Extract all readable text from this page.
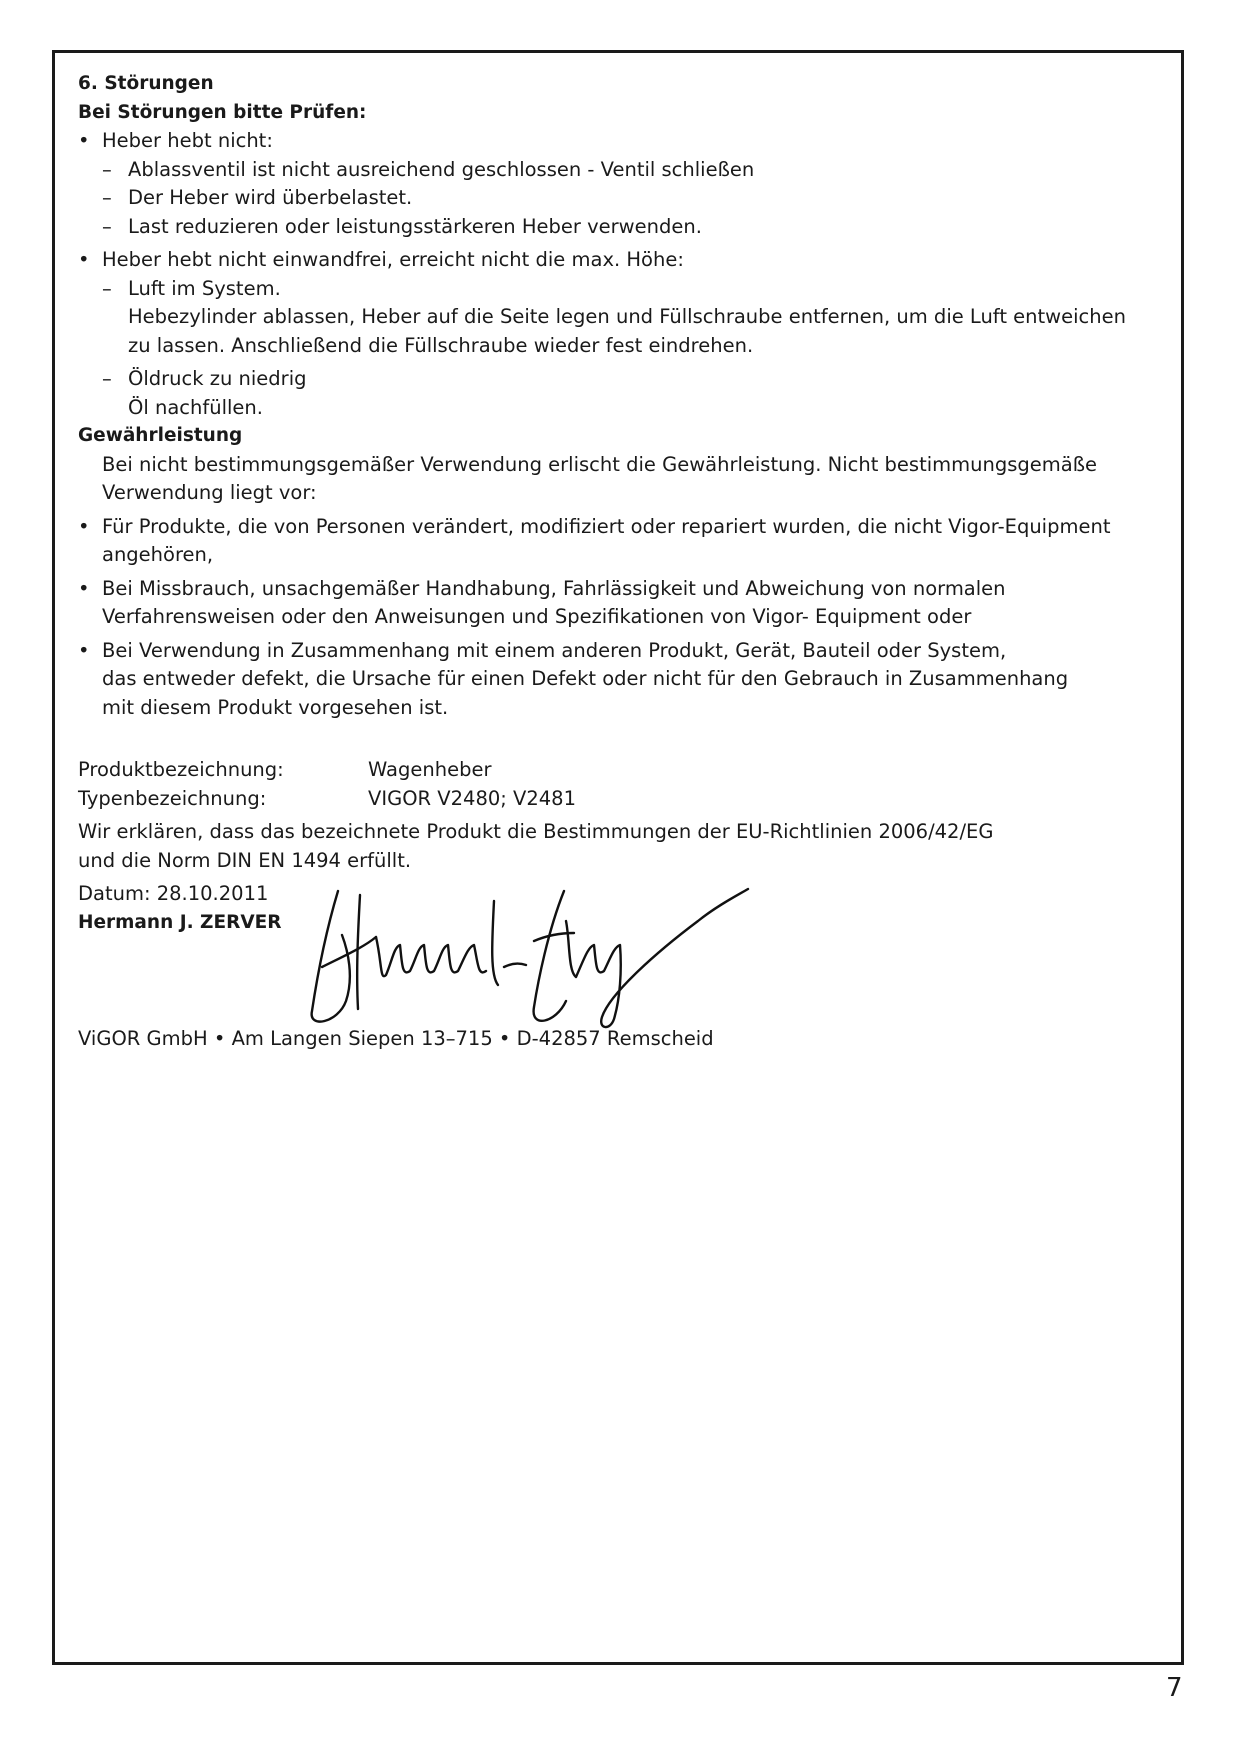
6. Störungen
Bei Störungen bitte Prüfen:
• Heber hebt nicht:
– Ablassventil ist nicht ausreichend geschlossen - Ventil schließen
– Der Heber wird überbelastet.
– Last reduzieren oder leistungsstärkeren Heber verwenden.
• Heber hebt nicht einwandfrei, erreicht nicht die max. Höhe:
– Luft im System.
Hebezylinder ablassen, Heber auf die Seite legen und Füllschraube entfernen, um die Luft entweichen
zu lassen. Anschließend die Füllschraube wieder fest eindrehen.
– Öldruck zu niedrig
Öl nachfüllen.
Gewährleistung
Bei nicht bestimmungsgemäßer Verwendung erlischt die Gewährleistung. Nicht bestimmungsgemäße
Verwendung liegt vor:
• Für Produkte, die von Personen verändert, modifiziert oder repariert wurden, die nicht Vigor-Equipment
angehören,
• Bei Missbrauch, unsachgemäßer Handhabung, Fahrlässigkeit und Abweichung von normalen
Verfahrensweisen oder den Anweisungen und Spezifikationen von Vigor- Equipment oder
• Bei Verwendung in Zusammenhang mit einem anderen Produkt, Gerät, Bauteil oder System,
das entweder defekt, die Ursache für einen Defekt oder nicht für den Gebrauch in Zusammenhang
mit diesem Produkt vorgesehen ist.
Produktbezeichnung:	Wagenheber
Typenbezeichnung:	VIGOR V2480; V2481
Wir erklären, dass das bezeichnete Produkt die Bestimmungen der EU-Richtlinien 2006/42/EG
und die Norm DIN EN 1494 erfüllt.
Datum: 28.10.2011
Hermann J. ZERVER
ViGOR GmbH • Am Langen Siepen 13–715 • D-42857 Remscheid
7
